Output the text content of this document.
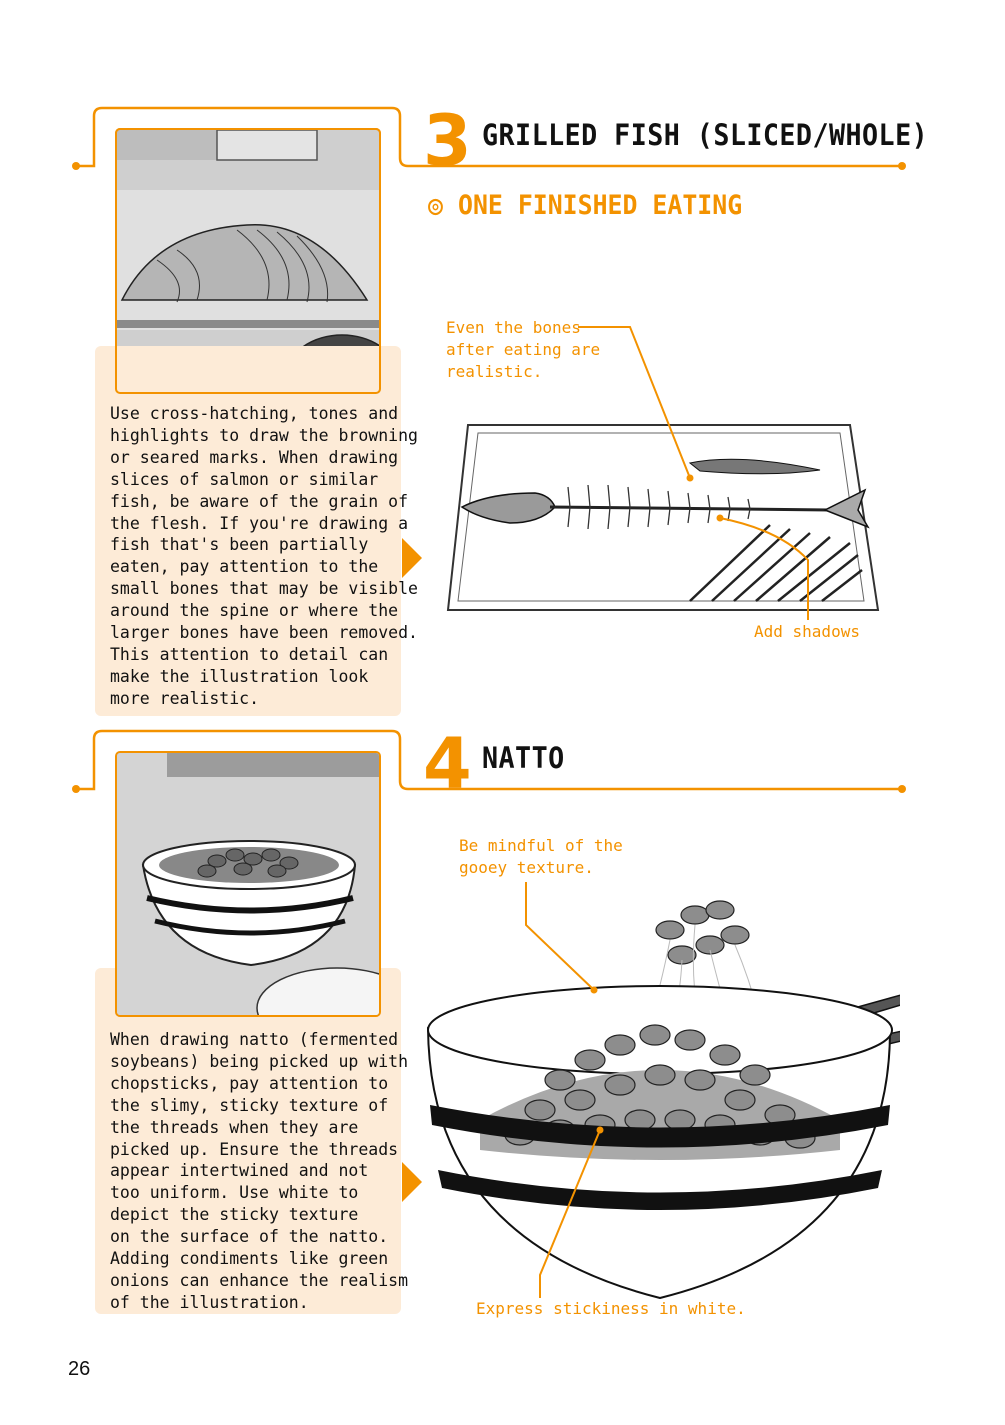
3 GRILLED FISH (SLICED/WHOLE)
◎ ONE FINISHED EATING
Use cross-hatching, tones and
highlights to draw the browning
or seared marks. When drawing
slices of salmon or similar
fish, be aware of the grain of
the flesh. If you're drawing a
fish that's been partially
eaten, pay attention to the
small bones that may be visible
around the spine or where the
larger bones have been removed.
This attention to detail can
make the illustration look
more realistic.
Even the bones
after eating are
realistic.
Add shadows
4 NATTO
When drawing natto (fermented
soybeans) being picked up with
chopsticks, pay attention to
the slimy, sticky texture of
the threads when they are
picked up. Ensure the threads
appear intertwined and not
too uniform. Use white to
depict the sticky texture
on the surface of the natto.
Adding condiments like green
onions can enhance the realism
of the illustration.
Be mindful of the
gooey texture.
Express stickiness in white.
26
